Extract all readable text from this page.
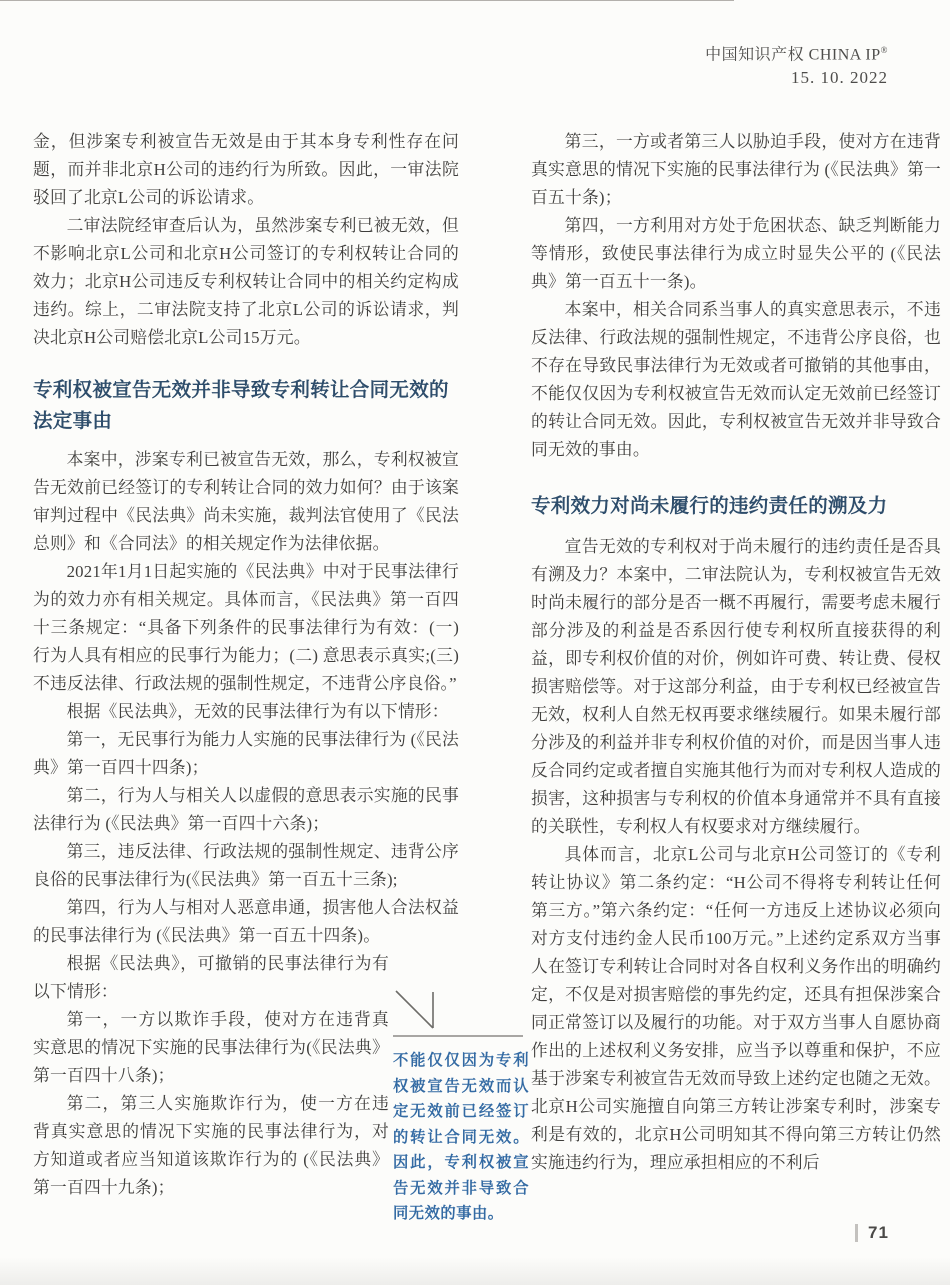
中国知识产权 CHINA IP®
15. 10. 2022

金，但涉案专利被宣告无效是由于其本身专利性存在问题，而并非北京H公司的违约行为所致。因此，一审法院驳回了北京L公司的诉讼请求。

二审法院经审查后认为，虽然涉案专利已被无效，但不影响北京L公司和北京H公司签订的专利权转让合同的效力；北京H公司违反专利权转让合同中的相关约定构成违约。综上，二审法院支持了北京L公司的诉讼请求，判决北京H公司赔偿北京L公司15万元。

专利权被宣告无效并非导致专利转让合同无效的法定事由

本案中，涉案专利已被宣告无效，那么，专利权被宣告无效前已经签订的专利转让合同的效力如何？由于该案审判过程中《民法典》尚未实施，裁判法官使用了《民法总则》和《合同法》的相关规定作为法律依据。

2021年1月1日起实施的《民法典》中对于民事法律行为的效力亦有相关规定。具体而言，《民法典》第一百四十三条规定：“具备下列条件的民事法律行为有效：(一) 行为人具有相应的民事行为能力；(二) 意思表示真实;(三) 不违反法律、行政法规的强制性规定，不违背公序良俗。”

根据《民法典》，无效的民事法律行为有以下情形：

第一，无民事行为能力人实施的民事法律行为 (《民法典》第一百四十四条)；

第二，行为人与相关人以虚假的意思表示实施的民事法律行为 (《民法典》第一百四十六条)；

第三，违反法律、行政法规的强制性规定、违背公序良俗的民事法律行为(《民法典》第一百五十三条);

第四，行为人与相对人恶意串通，损害他人合法权益的民事法律行为 (《民法典》第一百五十四条)。

根据《民法典》，可撤销的民事法律行为有以下情形：

第一，一方以欺诈手段，使对方在违背真实意思的情况下实施的民事法律行为(《民法典》第一百四十八条)；

第二，第三人实施欺诈行为，使一方在违背真实意思的情况下实施的民事法律行为，对方知道或者应当知道该欺诈行为的 (《民法典》第一百四十九条)；

第三，一方或者第三人以胁迫手段，使对方在违背真实意思的情况下实施的民事法律行为 (《民法典》第一百五十条)；

第四，一方利用对方处于危困状态、缺乏判断能力等情形，致使民事法律行为成立时显失公平的 (《民法典》第一百五十一条)。

本案中，相关合同系当事人的真实意思表示，不违反法律、行政法规的强制性规定，不违背公序良俗，也不存在导致民事法律行为无效或者可撤销的其他事由，不能仅仅因为专利权被宣告无效而认定无效前已经签订的转让合同无效。因此，专利权被宣告无效并非导致合同无效的事由。

专利效力对尚未履行的违约责任的溯及力

宣告无效的专利权对于尚未履行的违约责任是否具有溯及力？本案中，二审法院认为，专利权被宣告无效时尚未履行的部分是否一概不再履行，需要考虑未履行部分涉及的利益是否系因行使专利权所直接获得的利益，即专利权价值的对价，例如许可费、转让费、侵权损害赔偿等。对于这部分利益，由于专利权已经被宣告无效，权利人自然无权再要求继续履行。如果未履行部分涉及的利益并非专利权价值的对价，而是因当事人违反合同约定或者擅自实施其他行为而对专利权人造成的损害，这种损害与专利权的价值本身通常并不具有直接的关联性，专利权人有权要求对方继续履行。

具体而言，北京L公司与北京H公司签订的《专利转让协议》第二条约定：“H公司不得将专利转让任何第三方。”第六条约定：“任何一方违反上述协议必须向对方支付违约金人民币100万元。”上述约定系双方当事人在签订专利转让合同时对各自权利义务作出的明确约定，不仅是对损害赔偿的事先约定，还具有担保涉案合同正常签订以及履行的功能。对于双方当事人自愿协商作出的上述权利义务安排，应当予以尊重和保护，不应基于涉案专利被宣告无效而导致上述约定也随之无效。北京H公司实施擅自向第三方转让涉案专利时，涉案专利是有效的，北京H公司明知其不得向第三方转让仍然实施违约行为，理应承担相应的不利后

不能仅仅因为专利权被宣告无效而认定无效前已经签订的转让合同无效。因此，专利权被宣告无效并非导致合同无效的事由。
71
